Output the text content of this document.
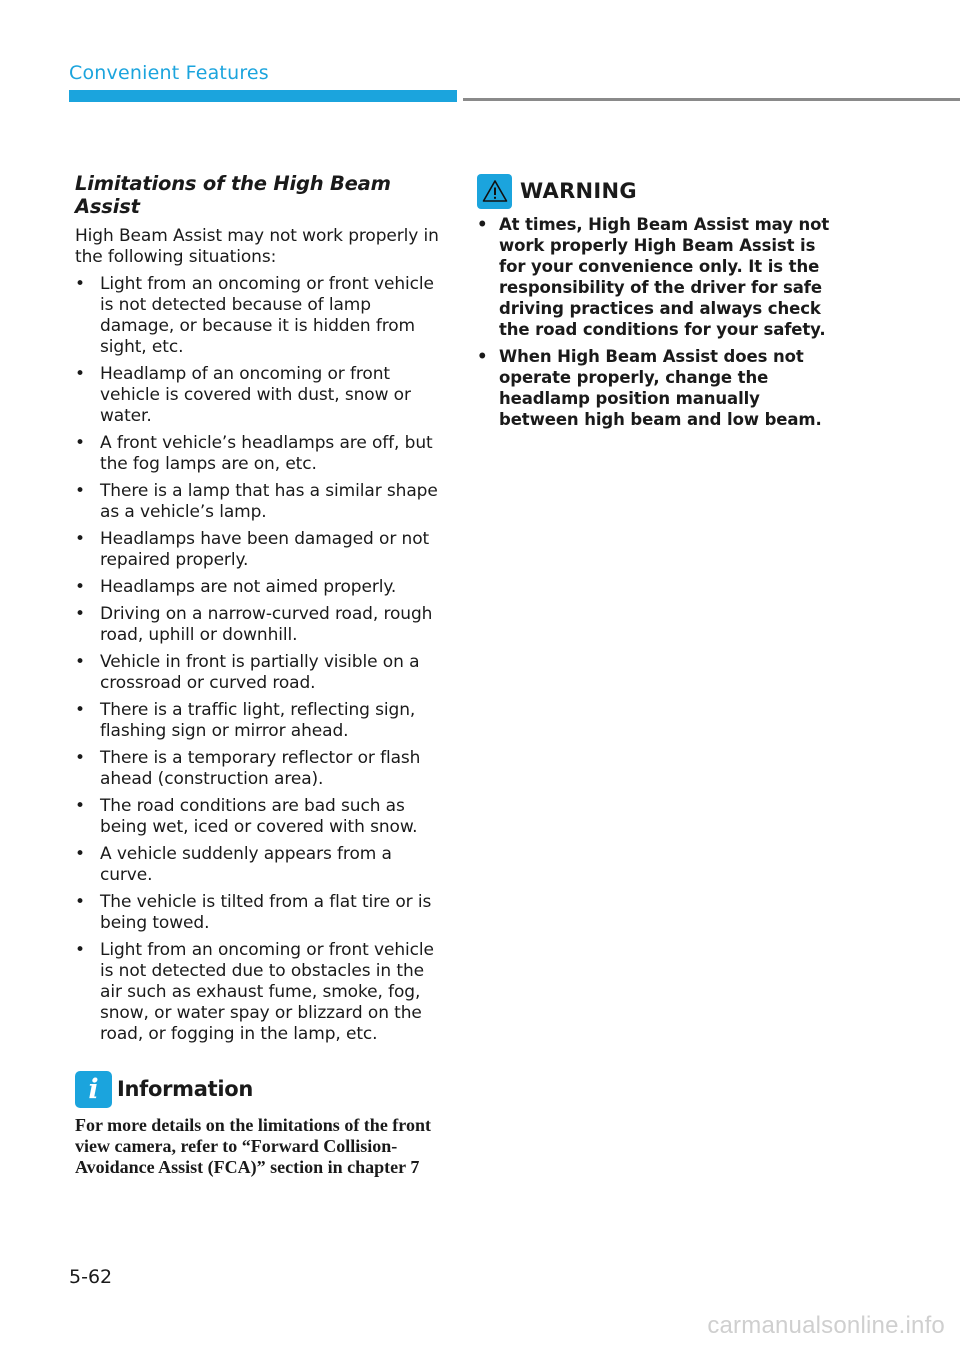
Convenient Features
Limitations of the High Beam Assist
High Beam Assist may not work properly in the following situations:
• Light from an oncoming or front vehicle is not detected because of lamp damage, or because it is hidden from sight, etc.
• Headlamp of an oncoming or front vehicle is covered with dust, snow or water.
• A front vehicle’s headlamps are off, but the fog lamps are on, etc.
• There is a lamp that has a similar shape as a vehicle’s lamp.
• Headlamps have been damaged or not repaired properly.
• Headlamps are not aimed properly.
• Driving on a narrow-curved road, rough road, uphill or downhill.
• Vehicle in front is partially visible on a crossroad or curved road.
• There is a traffic light, reflecting sign, flashing sign or mirror ahead.
• There is a temporary reflector or flash ahead (construction area).
• The road conditions are bad such as being wet, iced or covered with snow.
• A vehicle suddenly appears from a curve.
• The vehicle is tilted from a flat tire or is being towed.
• Light from an oncoming or front vehicle is not detected due to obstacles in the air such as exhaust fume, smoke, fog, snow, or water spay or blizzard on the road, or fogging in the lamp, etc.
i Information
For more details on the limitations of the front view camera, refer to “Forward Collision-Avoidance Assist (FCA)” section in chapter 7
WARNING
• At times, High Beam Assist may not work properly High Beam Assist is for your convenience only. It is the responsibility of the driver for safe driving practices and always check the road conditions for your safety.
• When High Beam Assist does not operate properly, change the headlamp position manually between high beam and low beam.
5-62
carmanualsonline.info
